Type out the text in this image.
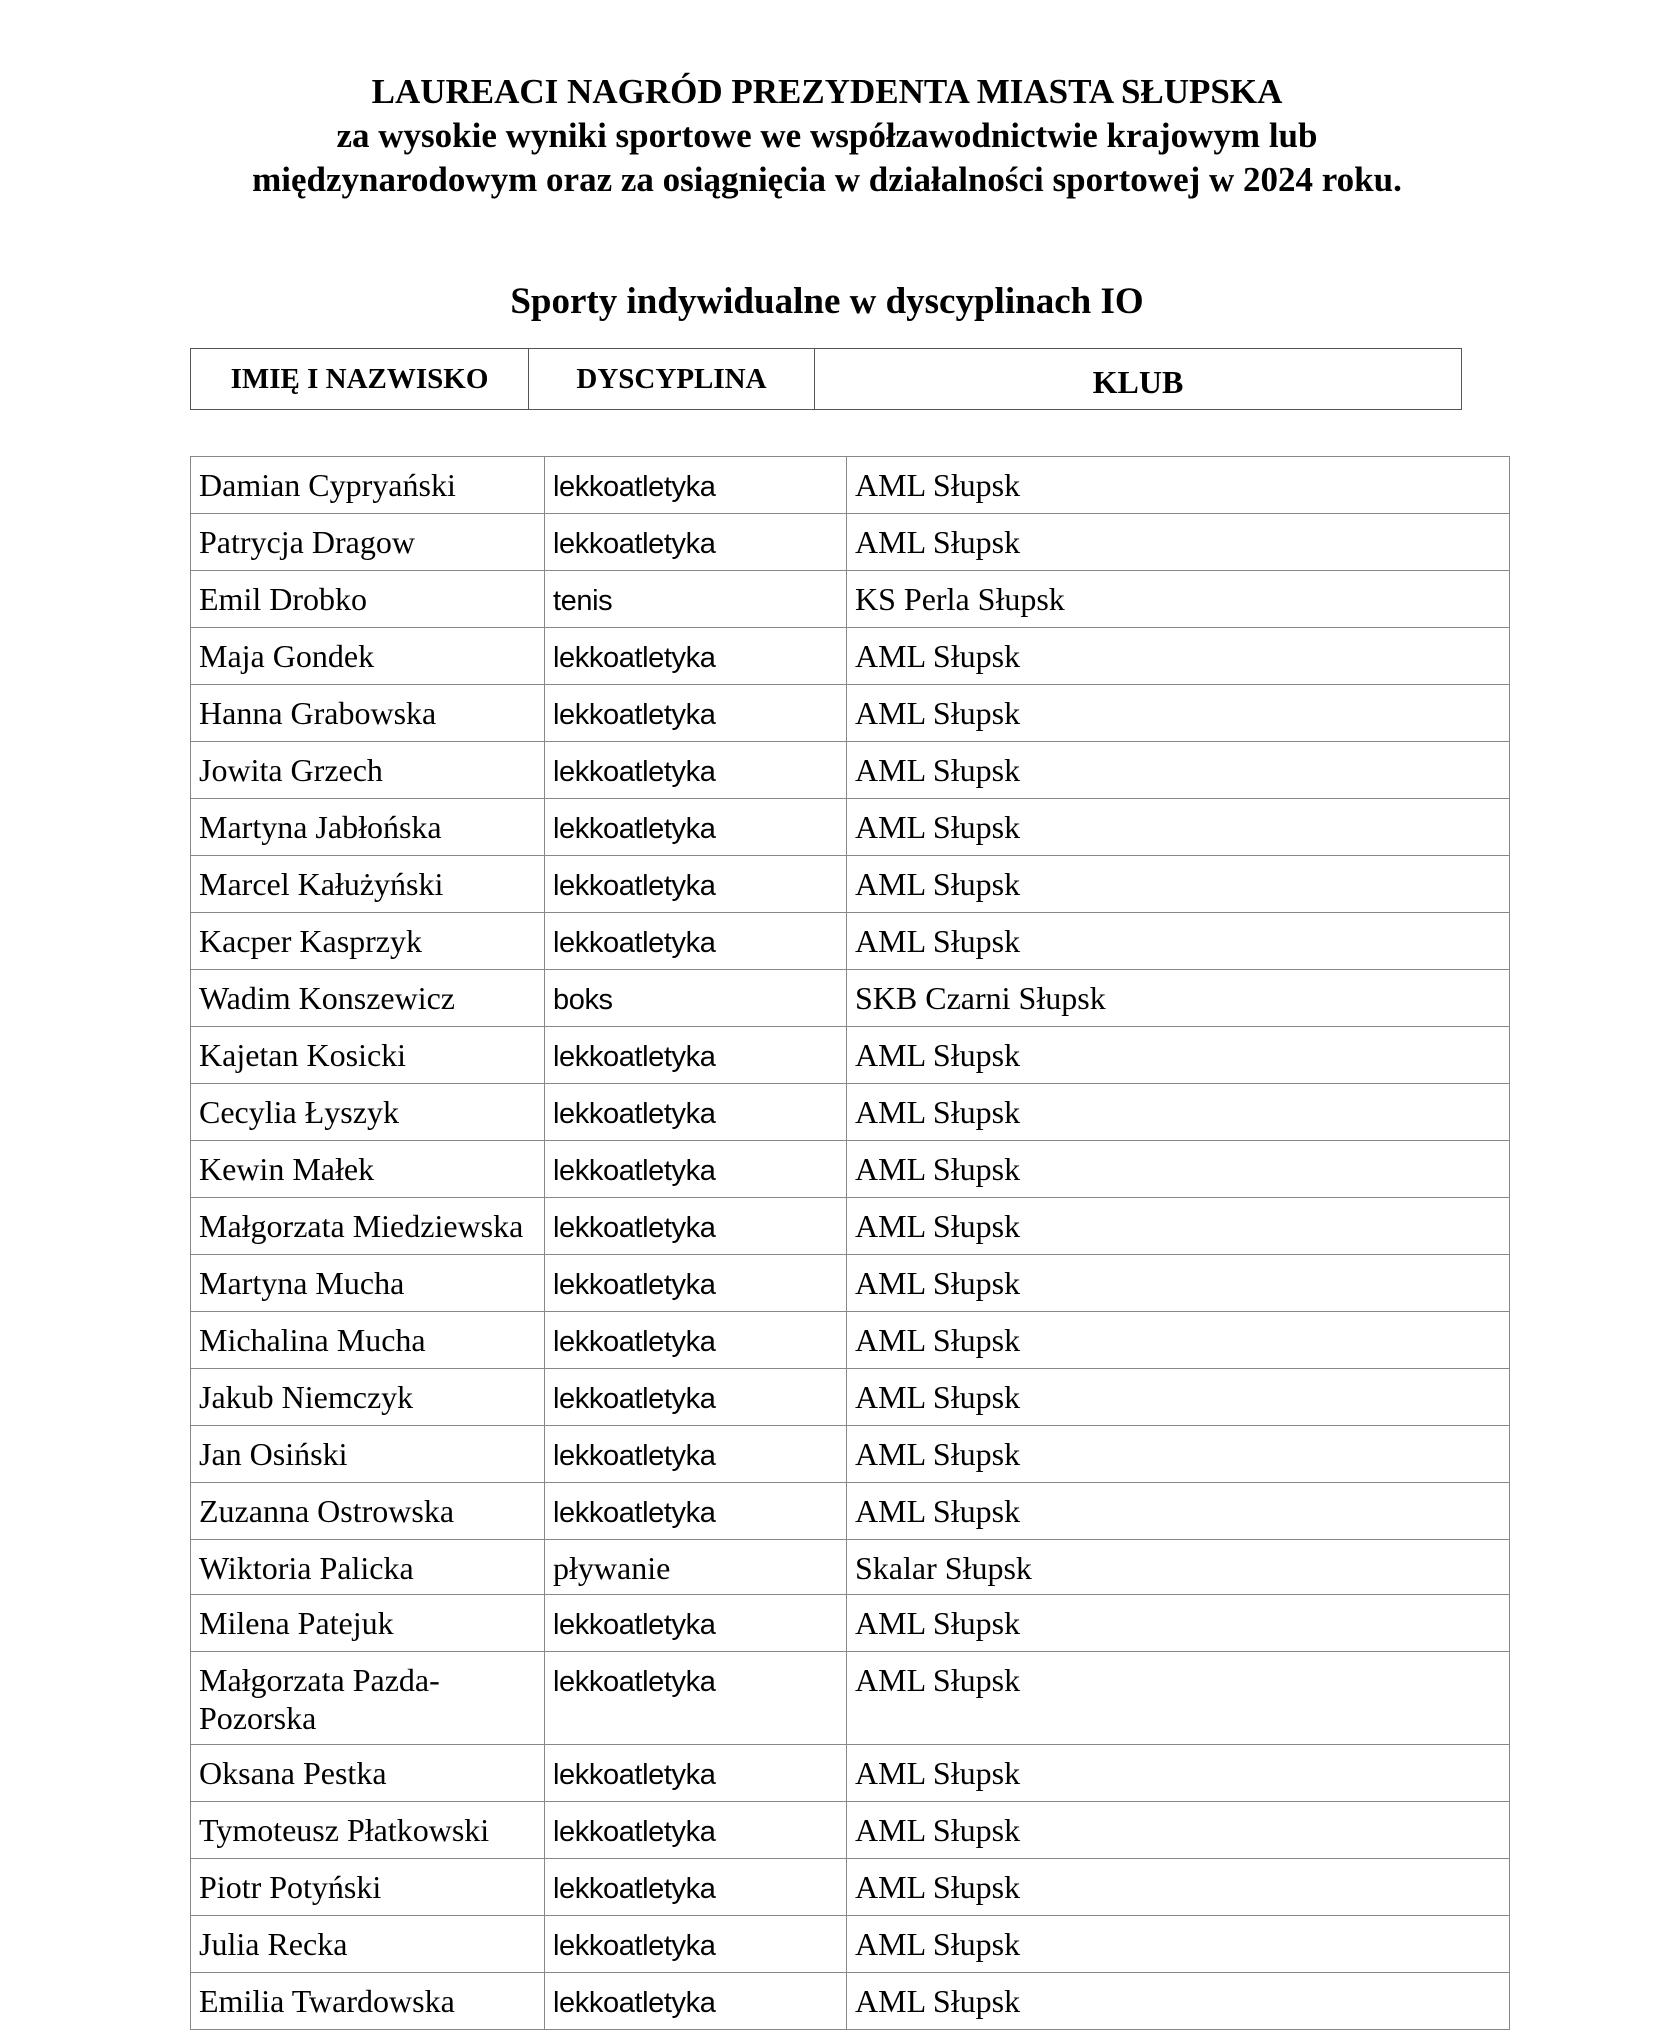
LAUREACI NAGRÓD PREZYDENTA MIASTA SŁUPSKA
za wysokie wyniki sportowe we współzawodnictwie krajowym lub
międzynarodowym oraz za osiągnięcia w działalności sportowej w 2024 roku.
Sporty indywidualne w dyscyplinach IO
IMIĘ I NAZWISKO	DYSCYPLINA	KLUB
Damian Cypryański	lekkoatletyka	AML Słupsk
Patrycja Dragow	lekkoatletyka	AML Słupsk
Emil Drobko	tenis	KS Perla Słupsk
Maja Gondek	lekkoatletyka	AML Słupsk
Hanna Grabowska	lekkoatletyka	AML Słupsk
Jowita Grzech	lekkoatletyka	AML Słupsk
Martyna Jabłońska	lekkoatletyka	AML Słupsk
Marcel Kałużyński	lekkoatletyka	AML Słupsk
Kacper Kasprzyk	lekkoatletyka	AML Słupsk
Wadim Konszewicz	boks	SKB Czarni Słupsk
Kajetan Kosicki	lekkoatletyka	AML Słupsk
Cecylia Łyszyk	lekkoatletyka	AML Słupsk
Kewin Małek	lekkoatletyka	AML Słupsk
Małgorzata Miedziewska	lekkoatletyka	AML Słupsk
Martyna Mucha	lekkoatletyka	AML Słupsk
Michalina Mucha	lekkoatletyka	AML Słupsk
Jakub Niemczyk	lekkoatletyka	AML Słupsk
Jan Osiński	lekkoatletyka	AML Słupsk
Zuzanna Ostrowska	lekkoatletyka	AML Słupsk
Wiktoria Palicka	pływanie	Skalar Słupsk
Milena Patejuk	lekkoatletyka	AML Słupsk
Małgorzata Pazda-Pozorska	lekkoatletyka	AML Słupsk
Oksana Pestka	lekkoatletyka	AML Słupsk
Tymoteusz Płatkowski	lekkoatletyka	AML Słupsk
Piotr Potyński	lekkoatletyka	AML Słupsk
Julia Recka	lekkoatletyka	AML Słupsk
Emilia Twardowska	lekkoatletyka	AML Słupsk
